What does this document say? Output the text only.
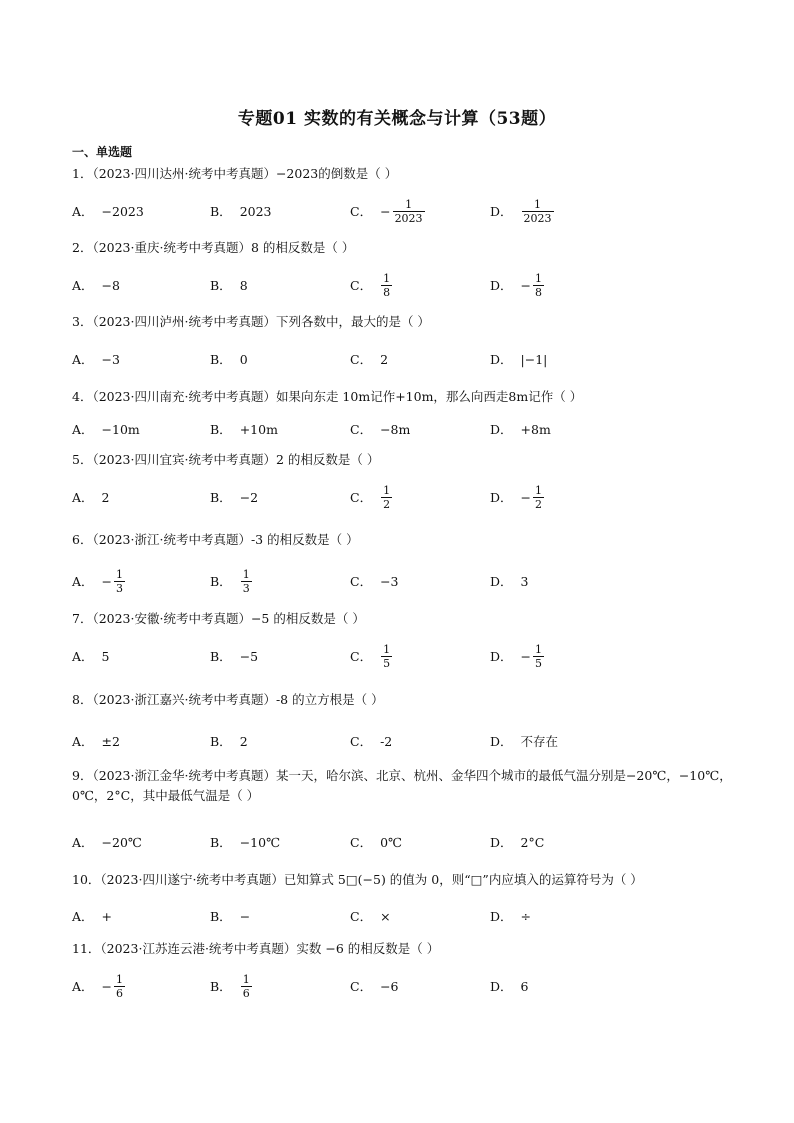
专题01 实数的有关概念与计算（53题）
一、单选题
1．（2023·四川达州·统考中考真题）−2023的倒数是（ ）
A． −2023	B． 2023	C． − $\frac{1}{2023}$	D． $\frac{1}{2023}$
2．（2023·重庆·统考中考真题）8 的相反数是（ ）
A． −8	B． 8	C． $\frac{1}{8}$	D． − $\frac{1}{8}$
3．（2023·四川泸州·统考中考真题）下列各数中，最大的是（ ）
A． −3	B． 0	C． 2	D． |−1|
4．（2023·四川南充·统考中考真题）如果向东走 10m记作+10m，那么向西走8m记作（ ）
A． −10m	B． +10m	C． −8m	D． +8m
5．（2023·四川宜宾·统考中考真题）2 的相反数是（ ）
A． 2	B． −2	C． $\frac{1}{2}$	D． − $\frac{1}{2}$
6．（2023·浙江·统考中考真题）-3 的相反数是（ ）
A． − $\frac{1}{3}$	B． $\frac{1}{3}$	C． −3	D． 3
7．（2023·安徽·统考中考真题）−5 的相反数是（ ）
A． 5	B． −5	C． $\frac{1}{5}$	D． − $\frac{1}{5}$
8．（2023·浙江嘉兴·统考中考真题）-8 的立方根是（ ）
A． ±2	B． 2	C． -2	D． 不存在
9．（2023·浙江金华·统考中考真题）某一天，哈尔滨、北京、杭州、金华四个城市的最低气温分别是−20℃，−10℃，0℃，2°C，其中最低气温是（ ）
A． −20℃	B． −10℃	C． 0℃	D． 2°C
10．（2023·四川遂宁·统考中考真题）已知算式 5□(−5) 的值为 0，则“□”内应填入的运算符号为（ ）
A． +	B． −	C． ×	D． ÷
11．（2023·江苏连云港·统考中考真题）实数 −6 的相反数是（ ）
A． − $\frac{1}{6}$	B． $\frac{1}{6}$	C． −6	D． 6
